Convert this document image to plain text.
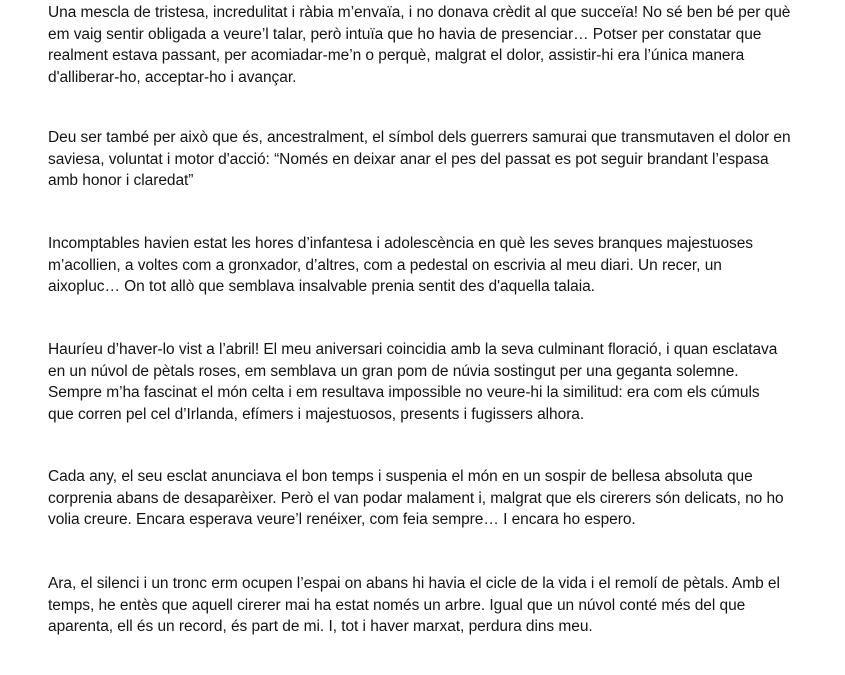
Una mescla de tristesa, incredulitat i ràbia m’envaïa, i no donava crèdit al que succeïa! No sé ben bé per què
em vaig sentir obligada a veure’l talar, però intuïa que ho havia de presenciar… Potser per constatar que
realment estava passant, per acomiadar-me’n o perquè, malgrat el dolor, assistir-hi era l’única manera
d'alliberar-ho, acceptar-ho i avançar.

Deu ser també per això que és, ancestralment, el símbol dels guerrers samurai que transmutaven el dolor en
saviesa, voluntat i motor d'acció: “Només en deixar anar el pes del passat es pot seguir brandant l’espasa
amb honor i claredat”

Incomptables havien estat les hores d’infantesa i adolescència en què les seves branques majestuoses
m’acollien, a voltes com a gronxador, d’altres, com a pedestal on escrivia al meu diari. Un recer, un
aixopluc… On tot allò que semblava insalvable prenia sentit des d'aquella talaia.

Hauríeu d’haver-lo vist a l’abril! El meu aniversari coincidia amb la seva culminant floració, i quan esclatava
en un núvol de pètals roses, em semblava un gran pom de núvia sostingut per una geganta solemne.
Sempre m’ha fascinat el món celta i em resultava impossible no veure-hi la similitud: era com els cúmuls
que corren pel cel d’Irlanda, efímers i majestuosos, presents i fugissers alhora.

Cada any, el seu esclat anunciava el bon temps i suspenia el món en un sospir de bellesa absoluta que
corprenia abans de desaparèixer. Però el van podar malament i, malgrat que els cirerers són delicats, no ho
volia creure. Encara esperava veure’l renéixer, com feia sempre… I encara ho espero.

Ara, el silenci i un tronc erm ocupen l’espai on abans hi havia el cicle de la vida i el remolí de pètals. Amb el
temps, he entès que aquell cirerer mai ha estat només un arbre. Igual que un núvol conté més del que
aparenta, ell és un record, és part de mi. I, tot i haver marxat, perdura dins meu.
